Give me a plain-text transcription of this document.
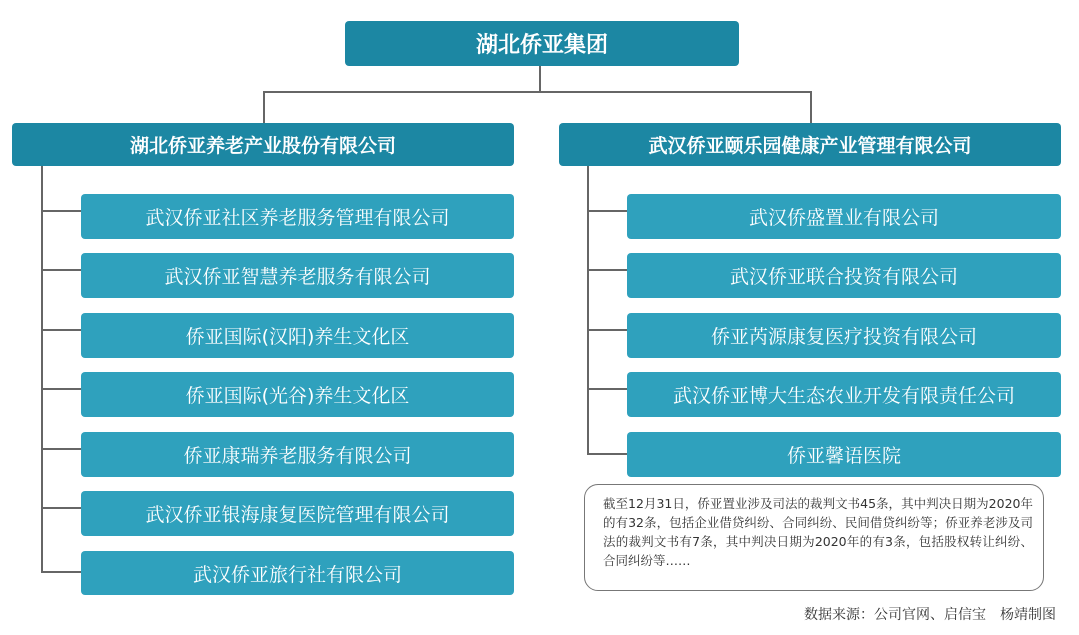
湖北侨亚集团
湖北侨亚养老产业股份有限公司	武汉侨亚颐乐园健康产业管理有限公司
武汉侨亚社区养老服务管理有限公司
武汉侨亚智慧养老服务有限公司
侨亚国际(汉阳)养生文化区
侨亚国际(光谷)养生文化区
侨亚康瑞养老服务有限公司
武汉侨亚银海康复医院管理有限公司
武汉侨亚旅行社有限公司
武汉侨盛置业有限公司
武汉侨亚联合投资有限公司
侨亚芮源康复医疗投资有限公司
武汉侨亚博大生态农业开发有限责任公司
侨亚馨语医院
截至12月31日，侨亚置业涉及司法的裁判文书45条，其中判决日期为2020年的有32条，包括企业借贷纠纷、合同纠纷、民间借贷纠纷等；侨亚养老涉及司法的裁判文书有7条，其中判决日期为2020年的有3条，包括股权转让纠纷、合同纠纷等……
数据来源：公司官网、启信宝　杨靖制图
